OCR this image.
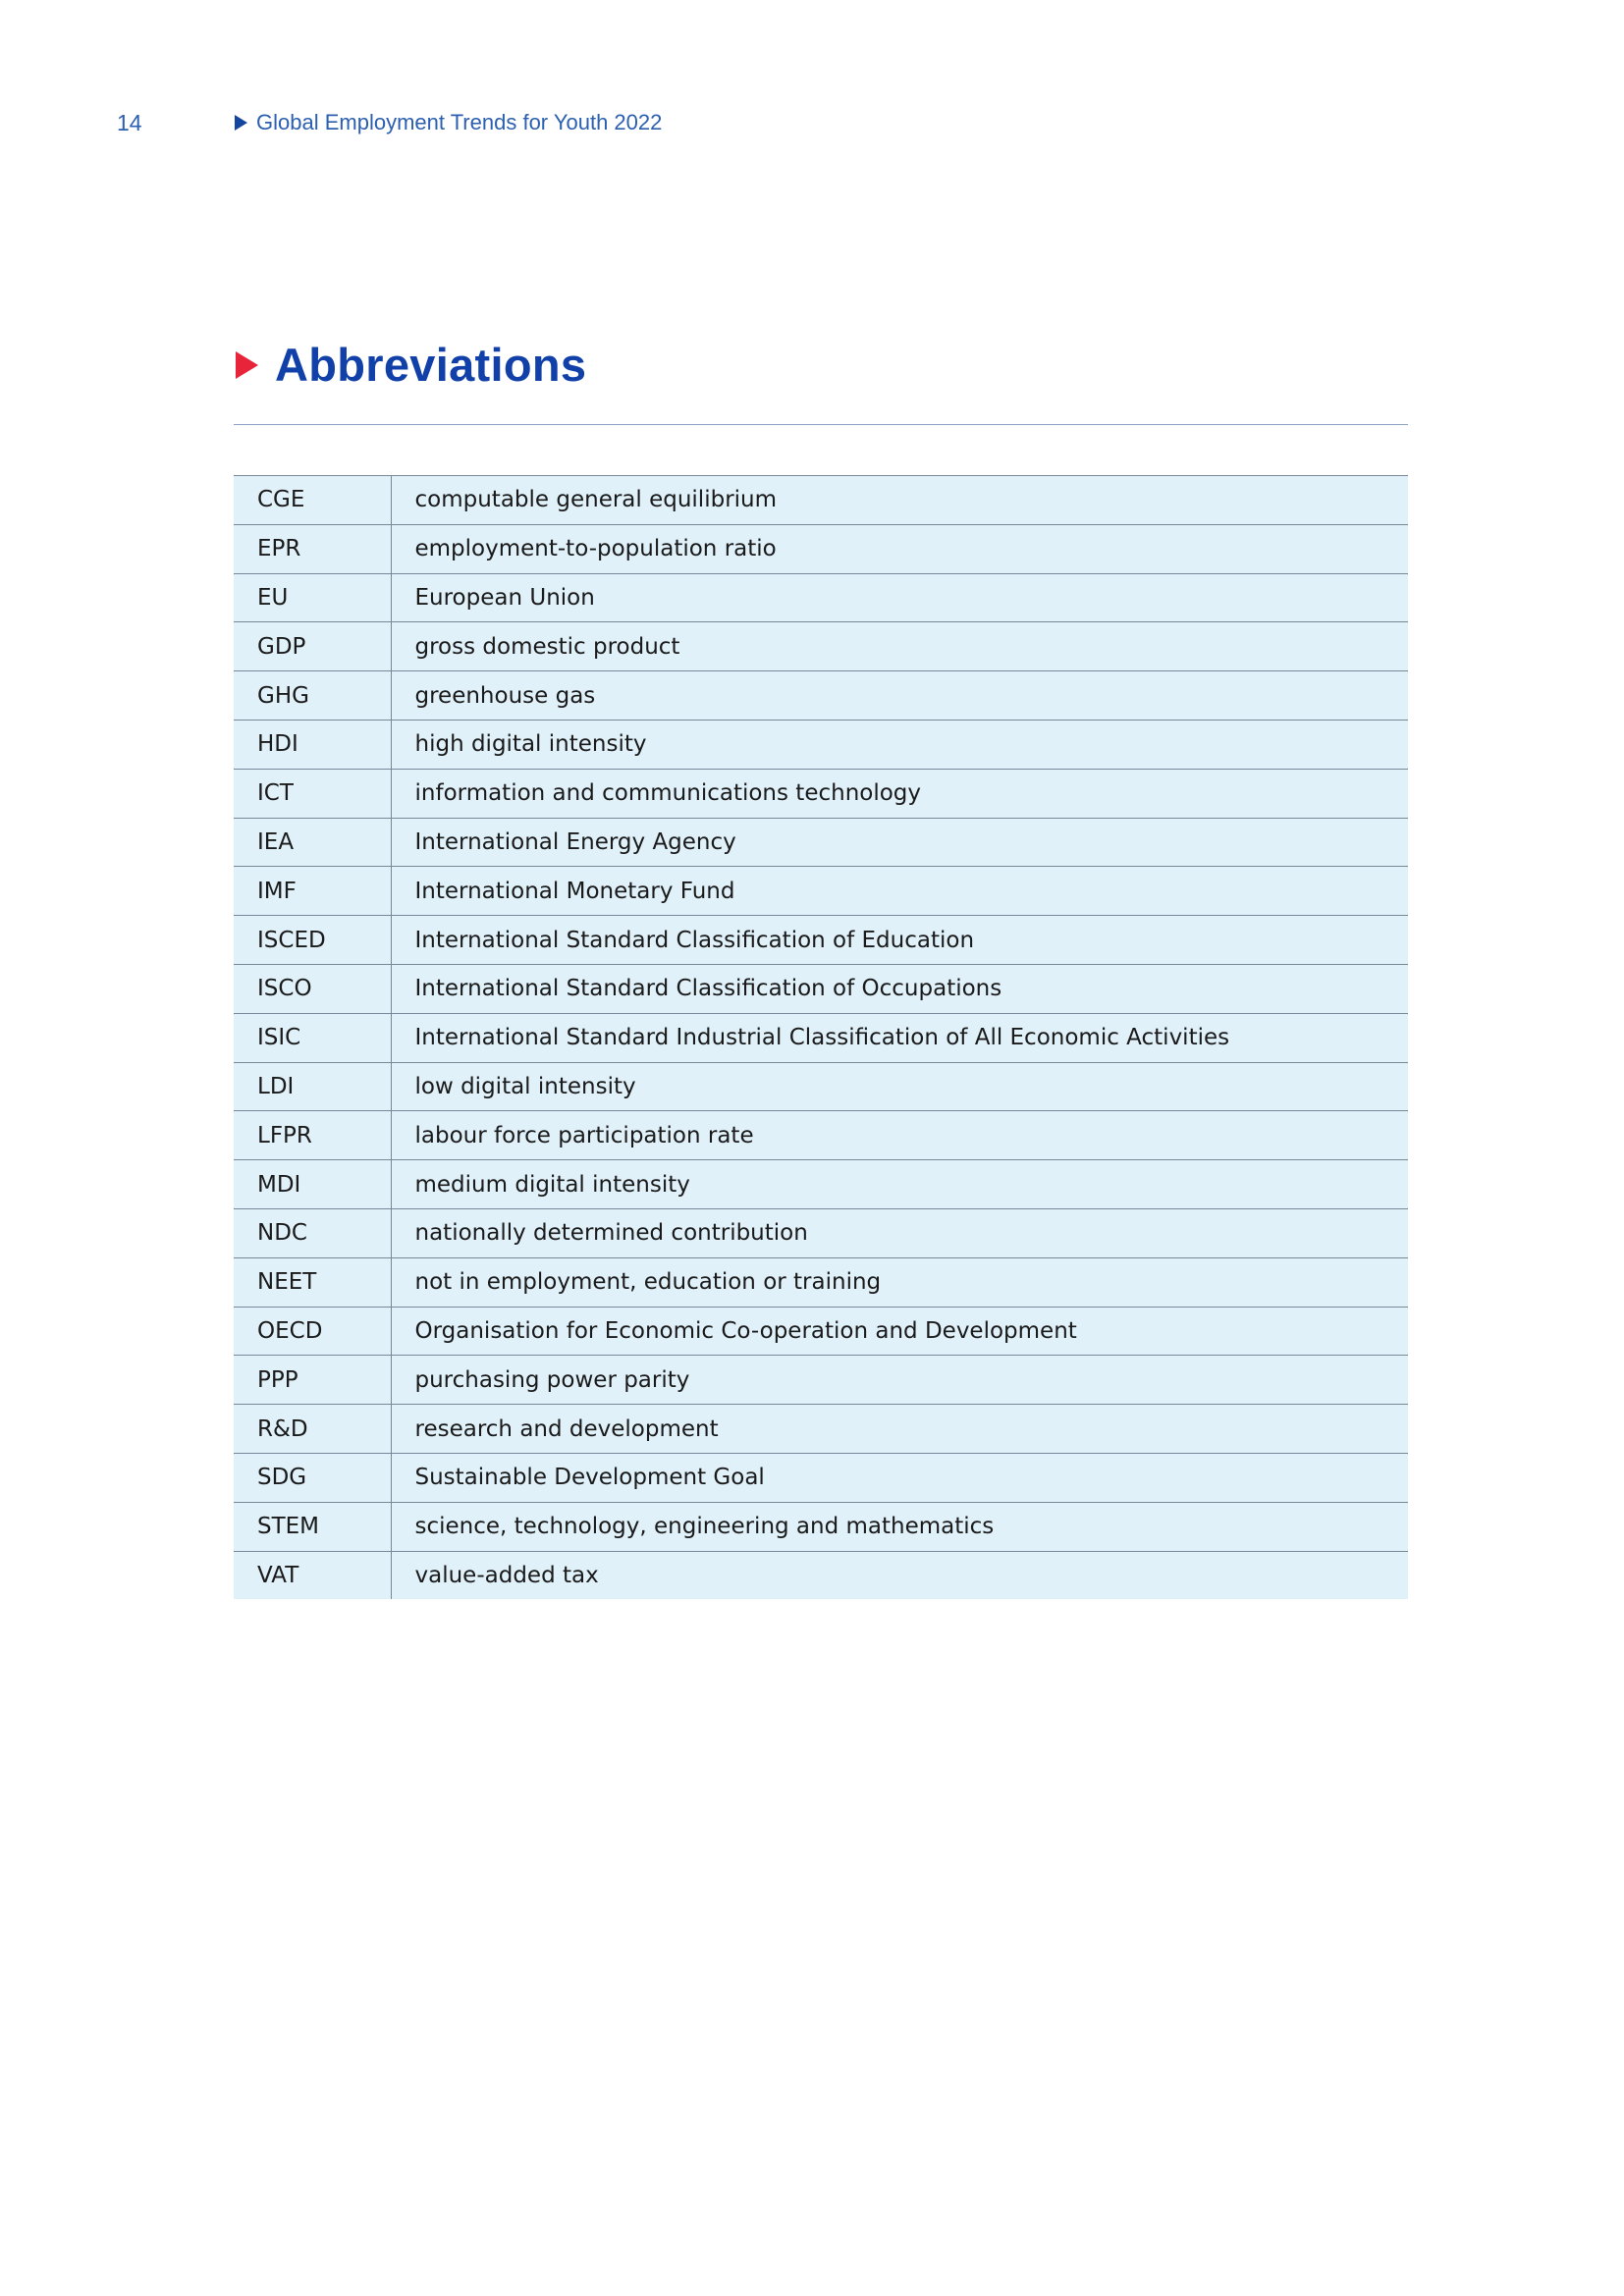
14	Global Employment Trends for Youth 2022
Abbreviations
CGE	computable general equilibrium
EPR	employment-to-population ratio
EU	European Union
GDP	gross domestic product
GHG	greenhouse gas
HDI	high digital intensity
ICT	information and communications technology
IEA	International Energy Agency
IMF	International Monetary Fund
ISCED	International Standard Classification of Education
ISCO	International Standard Classification of Occupations
ISIC	International Standard Industrial Classification of All Economic Activities
LDI	low digital intensity
LFPR	labour force participation rate
MDI	medium digital intensity
NDC	nationally determined contribution
NEET	not in employment, education or training
OECD	Organisation for Economic Co-operation and Development
PPP	purchasing power parity
R&D	research and development
SDG	Sustainable Development Goal
STEM	science, technology, engineering and mathematics
VAT	value-added tax
